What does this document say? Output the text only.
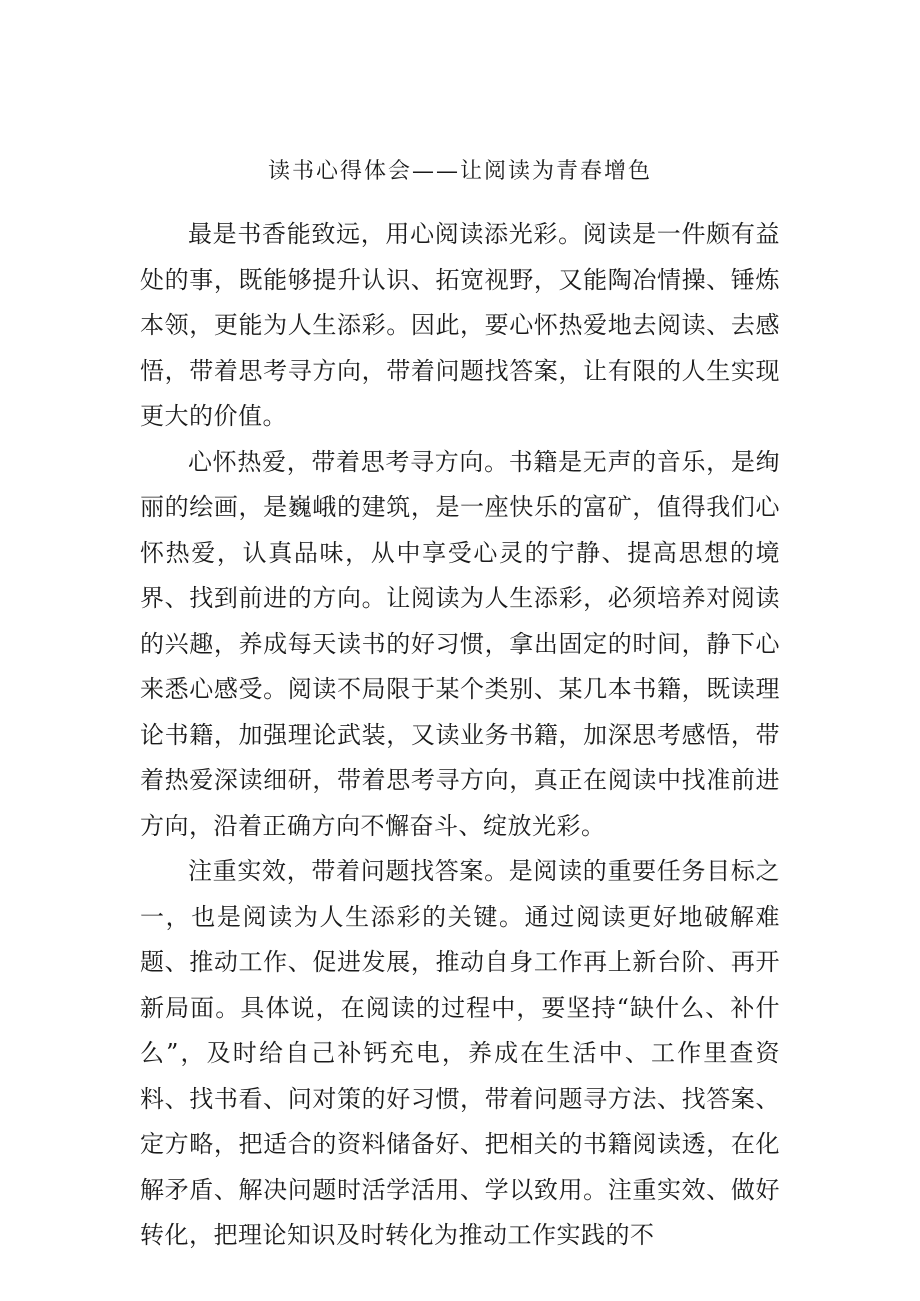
读书心得体会——让阅读为青春增色

最是书香能致远，用心阅读添光彩。阅读是一件颇有益处的事，既能够提升认识、拓宽视野，又能陶冶情操、锤炼本领，更能为人生添彩。因此，要心怀热爱地去阅读、去感悟，带着思考寻方向，带着问题找答案，让有限的人生实现更大的价值。

心怀热爱，带着思考寻方向。书籍是无声的音乐，是绚丽的绘画，是巍峨的建筑，是一座快乐的富矿，值得我们心怀热爱，认真品味，从中享受心灵的宁静、提高思想的境界、找到前进的方向。让阅读为人生添彩，必须培养对阅读的兴趣，养成每天读书的好习惯，拿出固定的时间，静下心来悉心感受。阅读不局限于某个类别、某几本书籍，既读理论书籍，加强理论武装，又读业务书籍，加深思考感悟，带着热爱深读细研，带着思考寻方向，真正在阅读中找准前进方向，沿着正确方向不懈奋斗、绽放光彩。

注重实效，带着问题找答案。是阅读的重要任务目标之一，也是阅读为人生添彩的关键。通过阅读更好地破解难题、推动工作、促进发展，推动自身工作再上新台阶、再开新局面。具体说，在阅读的过程中，要坚持“缺什么、补什么”，及时给自己补钙充电，养成在生活中、工作里查资料、找书看、问对策的好习惯，带着问题寻方法、找答案、定方略，把适合的资料储备好、把相关的书籍阅读透，在化解矛盾、解决问题时活学活用、学以致用。注重实效、做好转化，把理论知识及时转化为推动工作实践的不
